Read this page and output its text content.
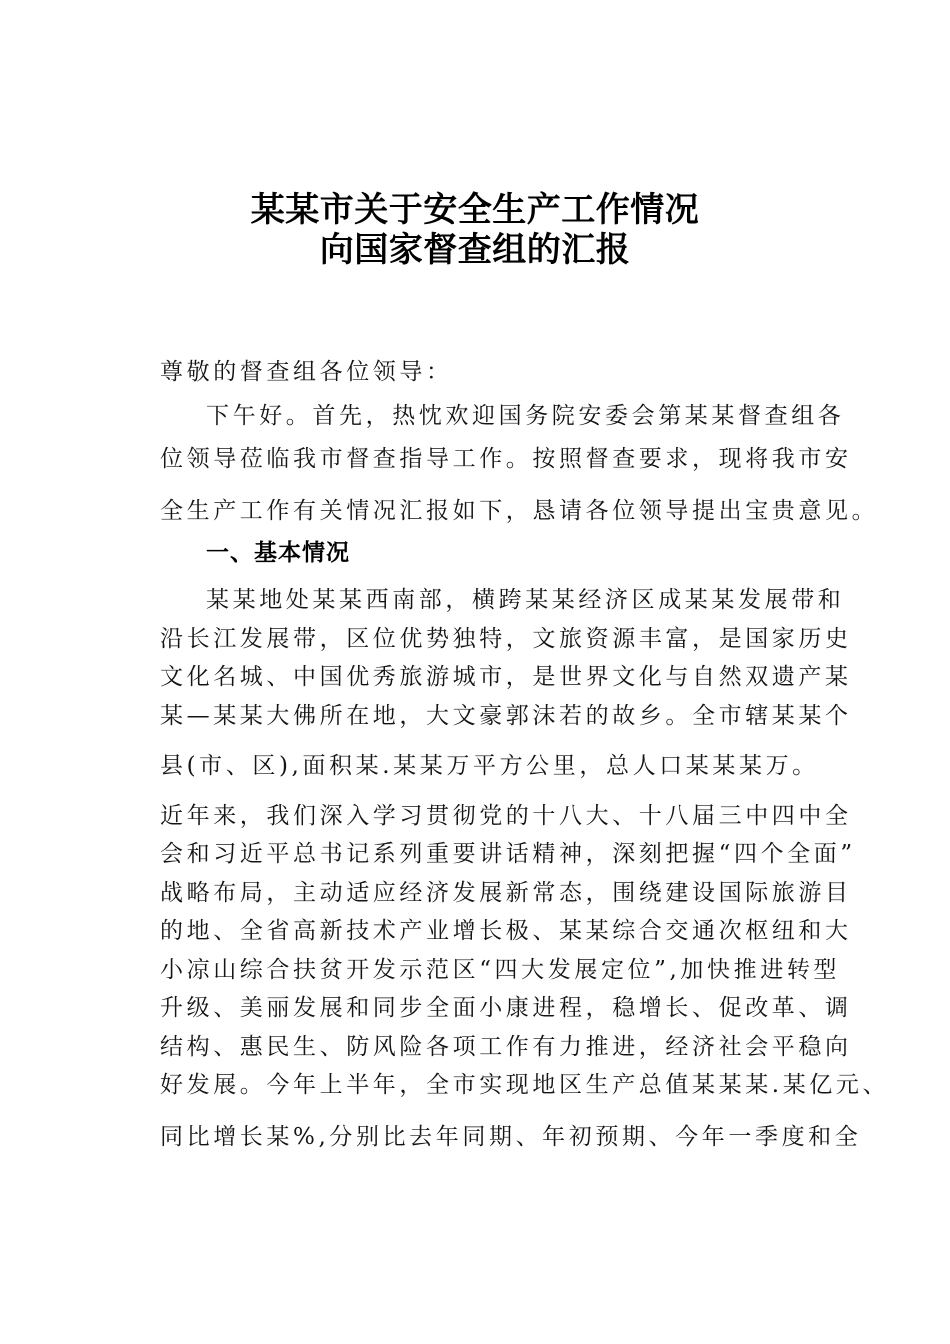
某某市关于安全生产工作情况
向国家督查组的汇报
尊敬的督查组各位领导：
下午好。首先，热忱欢迎国务院安委会第某某督查组各
位领导莅临我市督查指导工作。按照督查要求，现将我市安
全生产工作有关情况汇报如下，恳请各位领导提出宝贵意见。
一、基本情况
某某地处某某西南部，横跨某某经济区成某某发展带和
沿长江发展带，区位优势独特，文旅资源丰富，是国家历史
文化名城、中国优秀旅游城市，是世界文化与自然双遗产某
某—某某大佛所在地，大文豪郭沫若的故乡。全市辖某某个
县(市、区),面积某.某某万平方公里，总人口某某某万。
近年来，我们深入学习贯彻党的十八大、十八届三中四中全
会和习近平总书记系列重要讲话精神，深刻把握“四个全面”
战略布局，主动适应经济发展新常态，围绕建设国际旅游目
的地、全省高新技术产业增长极、某某综合交通次枢纽和大
小凉山综合扶贫开发示范区“四大发展定位”,加快推进转型
升级、美丽发展和同步全面小康进程，稳增长、促改革、调
结构、惠民生、防风险各项工作有力推进，经济社会平稳向
好发展。今年上半年，全市实现地区生产总值某某某.某亿元、
同比增长某%,分别比去年同期、年初预期、今年一季度和全
